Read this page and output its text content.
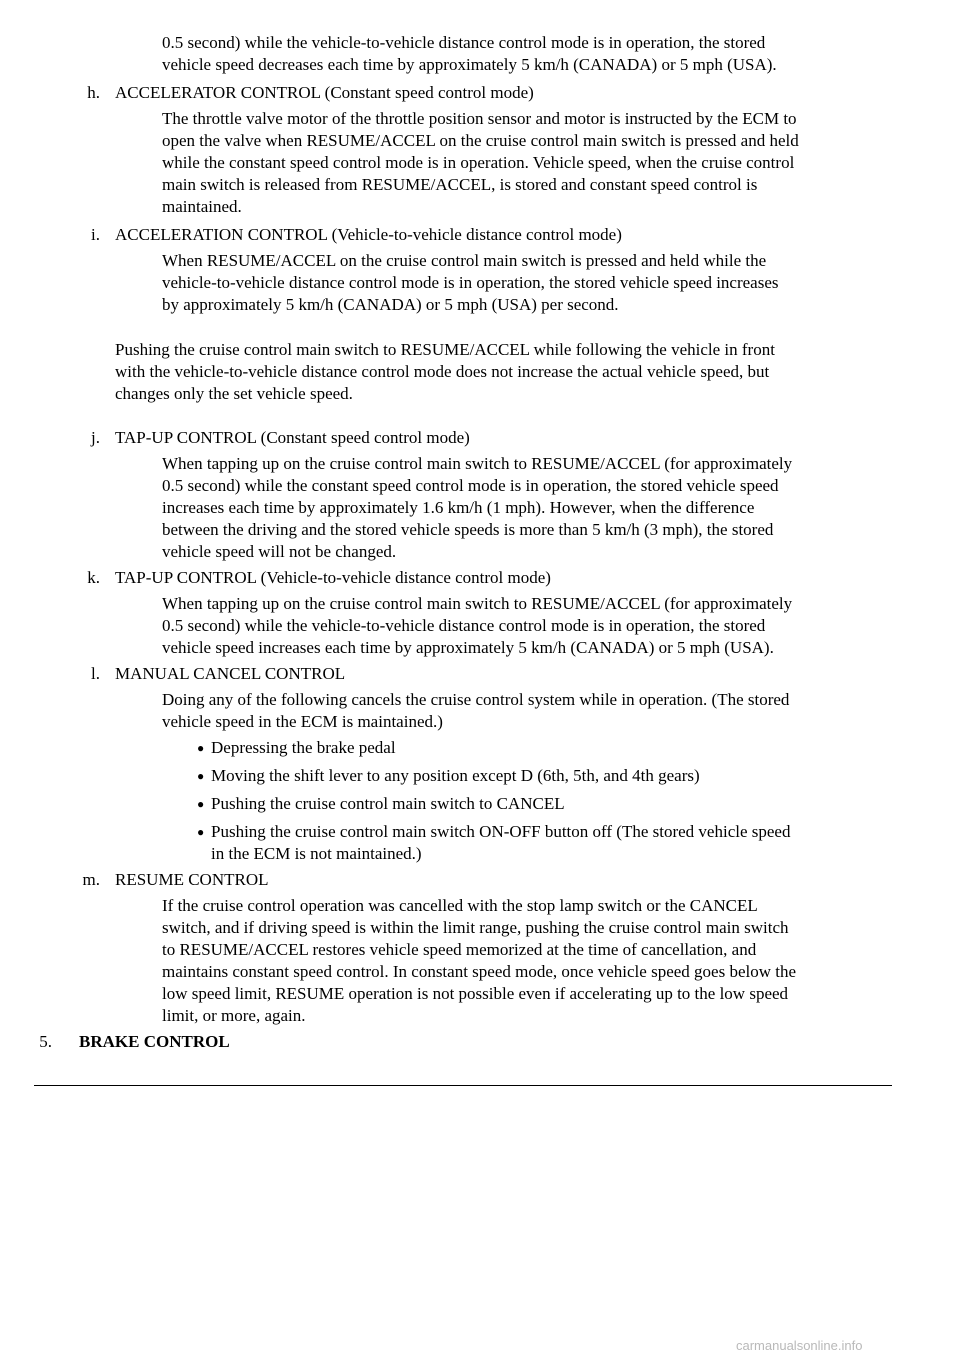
0.5 second) while the vehicle-to-vehicle distance control mode is in operation, the stored
vehicle speed decreases each time by approximately 5 km/h (CANADA) or 5 mph (USA).
h. ACCELERATOR CONTROL (Constant speed control mode)
The throttle valve motor of the throttle position sensor and motor is instructed by the ECM to
open the valve when RESUME/ACCEL on the cruise control main switch is pressed and held
while the constant speed control mode is in operation. Vehicle speed, when the cruise control
main switch is released from RESUME/ACCEL, is stored and constant speed control is
maintained.
i. ACCELERATION CONTROL (Vehicle-to-vehicle distance control mode)
When RESUME/ACCEL on the cruise control main switch is pressed and held while the
vehicle-to-vehicle distance control mode is in operation, the stored vehicle speed increases
by approximately 5 km/h (CANADA) or 5 mph (USA) per second.
Pushing the cruise control main switch to RESUME/ACCEL while following the vehicle in front
with the vehicle-to-vehicle distance control mode does not increase the actual vehicle speed, but
changes only the set vehicle speed.
j. TAP-UP CONTROL (Constant speed control mode)
When tapping up on the cruise control main switch to RESUME/ACCEL (for approximately
0.5 second) while the constant speed control mode is in operation, the stored vehicle speed
increases each time by approximately 1.6 km/h (1 mph). However, when the difference
between the driving and the stored vehicle speeds is more than 5 km/h (3 mph), the stored
vehicle speed will not be changed.
k. TAP-UP CONTROL (Vehicle-to-vehicle distance control mode)
When tapping up on the cruise control main switch to RESUME/ACCEL (for approximately
0.5 second) while the vehicle-to-vehicle distance control mode is in operation, the stored
vehicle speed increases each time by approximately 5 km/h (CANADA) or 5 mph (USA).
l. MANUAL CANCEL CONTROL
Doing any of the following cancels the cruise control system while in operation. (The stored
vehicle speed in the ECM is maintained.)
● Depressing the brake pedal
● Moving the shift lever to any position except D (6th, 5th, and 4th gears)
● Pushing the cruise control main switch to CANCEL
● Pushing the cruise control main switch ON-OFF button off (The stored vehicle speed
in the ECM is not maintained.)
m. RESUME CONTROL
If the cruise control operation was cancelled with the stop lamp switch or the CANCEL
switch, and if driving speed is within the limit range, pushing the cruise control main switch
to RESUME/ACCEL restores vehicle speed memorized at the time of cancellation, and
maintains constant speed control. In constant speed mode, once vehicle speed goes below the
low speed limit, RESUME operation is not possible even if accelerating up to the low speed
limit, or more, again.
5. BRAKE CONTROL
carmanualsonline.info
